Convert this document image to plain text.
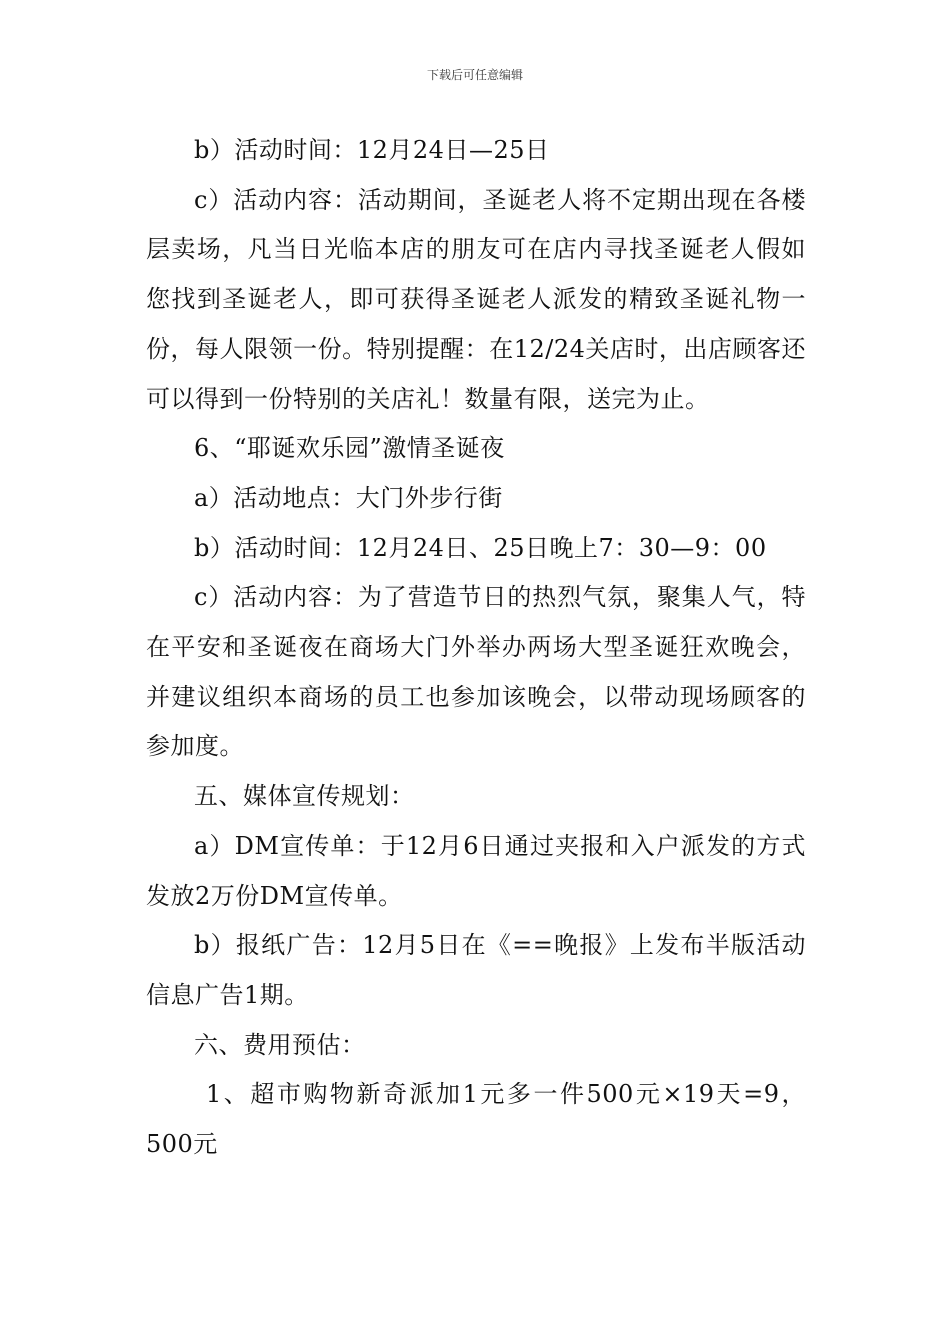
下载后可任意编辑

b）活动时间：12月24日—25日

c）活动内容：活动期间，圣诞老人将不定期出现在各楼层卖场，凡当日光临本店的朋友可在店内寻找圣诞老人假如您找到圣诞老人，即可获得圣诞老人派发的精致圣诞礼物一份，每人限领一份。特别提醒：在12/24关店时，出店顾客还可以得到一份特别的关店礼！数量有限，送完为止。

6、“耶诞欢乐园”激情圣诞夜

a）活动地点：大门外步行街

b）活动时间：12月24日、25日晚上7：30—9：00

c）活动内容：为了营造节日的热烈气氛，聚集人气，特在平安和圣诞夜在商场大门外举办两场大型圣诞狂欢晚会，并建议组织本商场的员工也参加该晚会，以带动现场顾客的参加度。

五、媒体宣传规划：

a）DM宣传单：于12月6日通过夹报和入户派发的方式发放2万份DM宣传单。

b）报纸广告：12月5日在《==晚报》上发布半版活动信息广告1期。

六、费用预估：

1、超市购物新奇派加1元多一件500元×19天=9，500元
